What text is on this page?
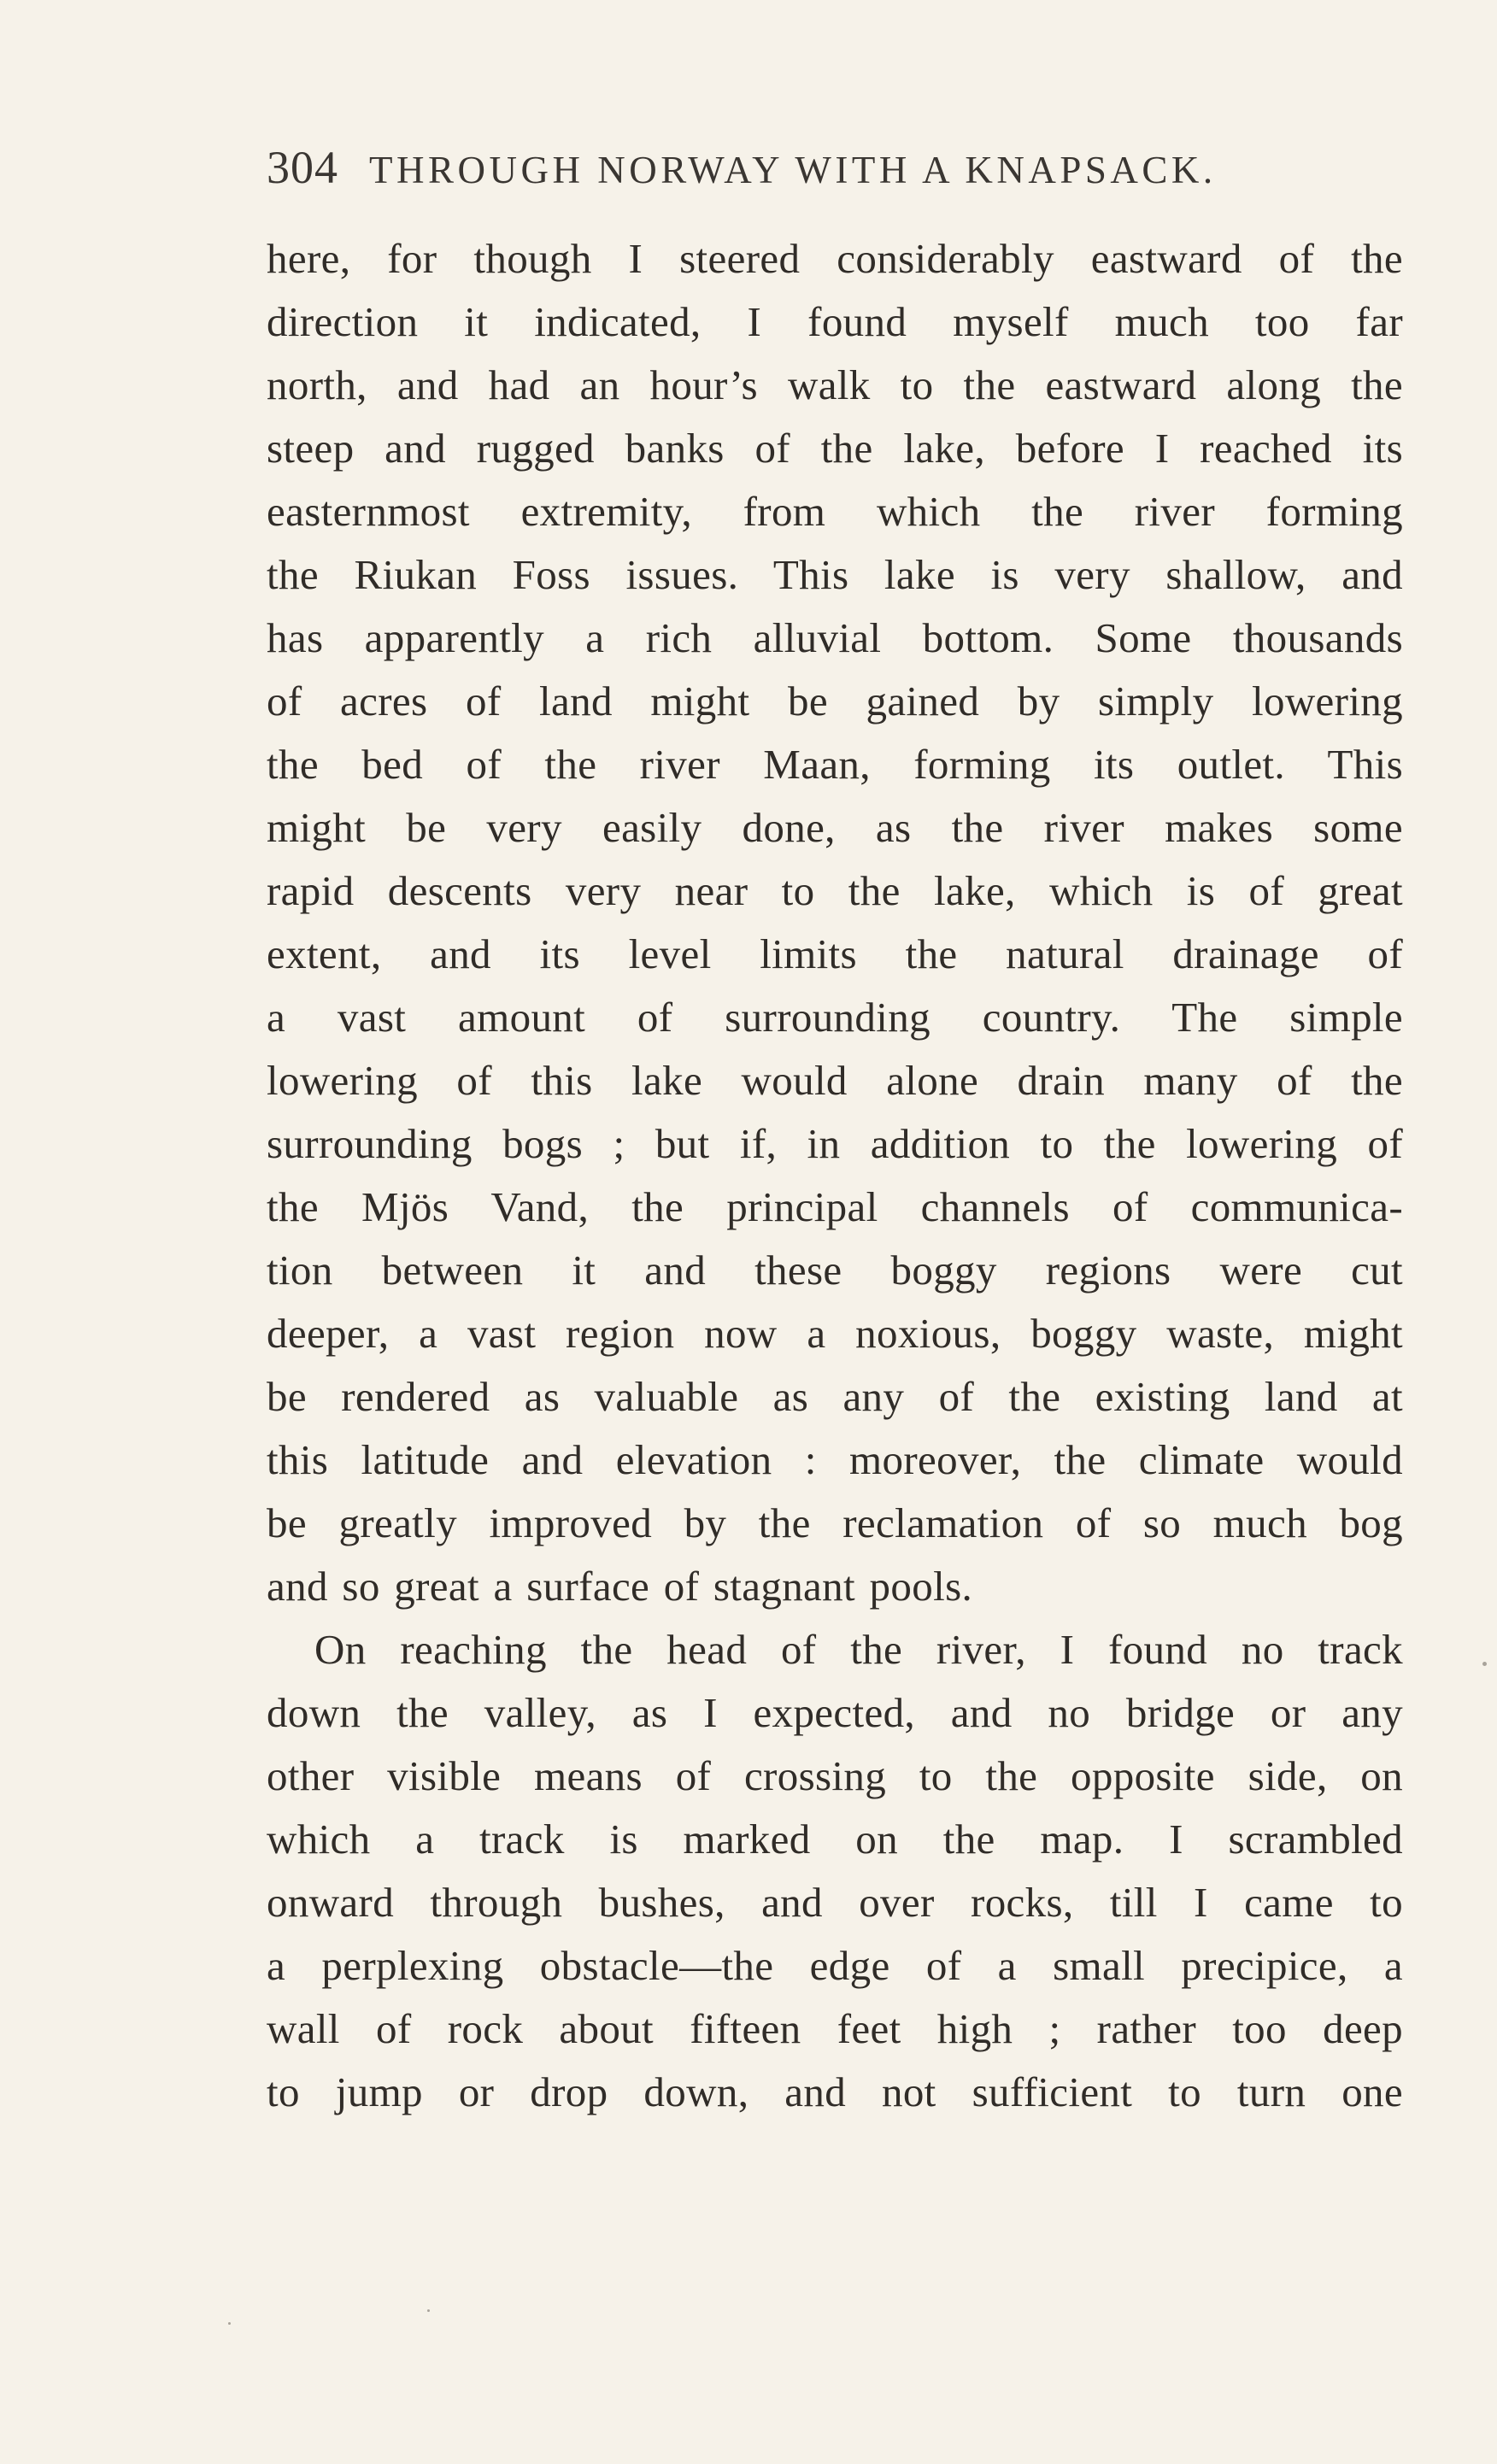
304 THROUGH NORWAY WITH A KNAPSACK.
here, for though I steered considerably eastward of the
direction it indicated, I found myself much too far
north, and had an hour’s walk to the eastward along the
steep and rugged banks of the lake, before I reached its
easternmost extremity, from which the river forming
the Riukan Foss issues. This lake is very shallow, and
has apparently a rich alluvial bottom. Some thousands
of acres of land might be gained by simply lowering
the bed of the river Maan, forming its outlet. This
might be very easily done, as the river makes some
rapid descents very near to the lake, which is of great
extent, and its level limits the natural drainage of
a vast amount of surrounding country. The simple
lowering of this lake would alone drain many of the
surrounding bogs ; but if, in addition to the lowering of
the Mjös Vand, the principal channels of communica-
tion between it and these boggy regions were cut
deeper, a vast region now a noxious, boggy waste, might
be rendered as valuable as any of the existing land at
this latitude and elevation : moreover, the climate would
be greatly improved by the reclamation of so much bog
and so great a surface of stagnant pools.
On reaching the head of the river, I found no track
down the valley, as I expected, and no bridge or any
other visible means of crossing to the opposite side, on
which a track is marked on the map. I scrambled
onward through bushes, and over rocks, till I came to
a perplexing obstacle—the edge of a small precipice, a
wall of rock about fifteen feet high ; rather too deep
to jump or drop down, and not sufficient to turn one
